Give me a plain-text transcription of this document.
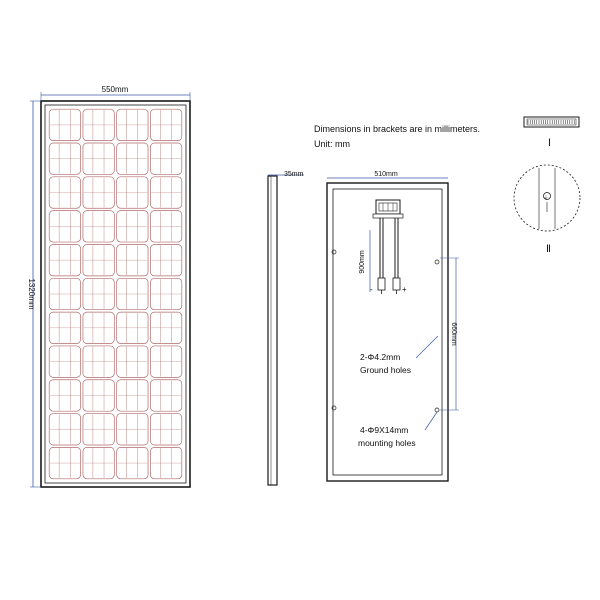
550mm
1320mm
35mm
Dimensions in brackets are in millimeters.
Unit: mm
510mm
-	+
900mm
660mm
2-Φ4.2mm
Ground holes
4-Φ9X14mm
mounting holes
Ⅰ
⏚
Ⅱ
